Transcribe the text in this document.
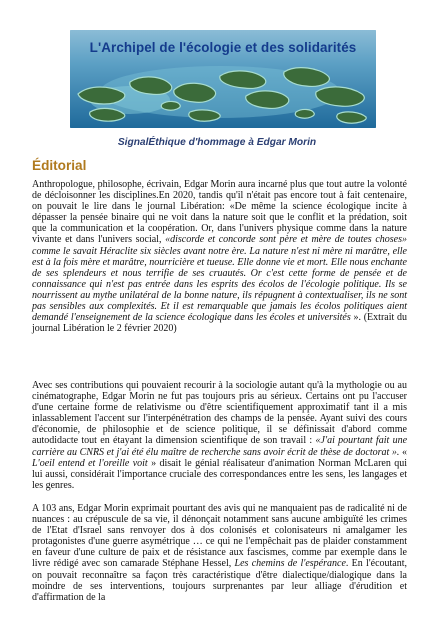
L'Archipel de l'écologie et des solidarités
SignalÉthique d'hommage à Edgar Morin
Éditorial
Anthropologue, philosophe, écrivain, Edgar Morin aura incarné plus que tout autre la volonté de décloisonner les disciplines.En 2020, tandis qu'il n'était pas encore tout à fait centenaire, on pouvait le lire dans le journal Libération: «De même la science écologique incite à dépasser la pensée binaire qui ne voit dans la nature soit que le conflit et la prédation, soit que la communication et la coopération. Or, dans l'univers physique comme dans la nature vivante et dans l'univers social, «discorde et concorde sont père et mère de toutes choses» comme le savait Héraclite six siècles avant notre ère. La nature n'est ni mère ni marâtre, elle est à la fois mère et marâtre, nourricière et tueuse. Elle donne vie et mort. Elle nous enchante de ses splendeurs et nous terrifie de ses cruautés. Or c'est cette forme de pensée et de connaissance qui n'est pas entrée dans les esprits des écolos de l'écologie politique. Ils se nourrissent au mythe unilatéral de la bonne nature, ils répugnent à contextualiser, ils ne sont pas sensibles aux complexités. Et il est remarquable que jamais les écolos politiques aient demandé l'enseignement de la science écologique dans les écoles et universités ». (Extrait du journal Libération le 2 février 2020)
Avec ses contributions qui pouvaient recourir à la sociologie autant qu'à la mythologie ou au cinématographe, Edgar Morin ne fut pas toujours pris au sérieux. Certains ont pu l'accuser d'une certaine forme de relativisme ou d'être scientifiquement approximatif tant il a mis inlassablement l'accent sur l'interpénétration des champs de la pensée. Ayant suivi des cours d'économie, de philosophie et de science politique, il se définissait d'abord comme autodidacte tout en étayant la dimension scientifique de son travail : «J'ai pourtant fait une carrière au CNRS et j'ai été élu maître de recherche sans avoir écrit de thèse de doctorat ». « L'oeil entend et l'oreille voit » disait le génial réalisateur d'animation Norman McLaren qui lui aussi, considérait l'importance cruciale des correspondances entre les sens, les langages et les genres.
A 103 ans, Edgar Morin exprimait pourtant des avis qui ne manquaient pas de radicalité ni de nuances : au crépuscule de sa vie, il dénonçait notamment sans aucune ambiguïté les crimes de l'Etat d'Israel sans renvoyer dos à dos colonisés et colonisateurs ni amalgamer les protagonistes d'une guerre asymétrique … ce qui ne l'empêchait pas de plaider constamment en faveur d'une culture de paix et de résistance aux fascismes, comme par exemple dans le livre rédigé avec son camarade Stéphane Hessel, Les chemins de l'espérance. En l'écoutant, on pouvait reconnaître sa façon très caractéristique d'être dialectique/dialogique dans la moindre de ses interventions, toujours surprenantes par leur alliage d'érudition et d'affirmation de la
